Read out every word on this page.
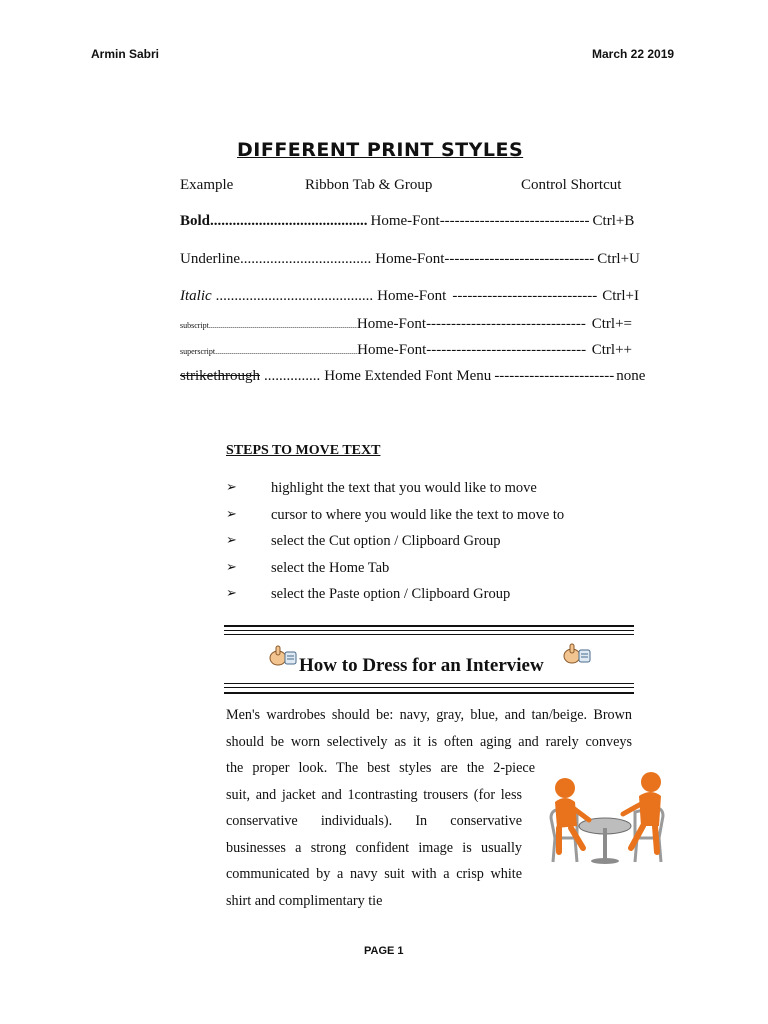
Armin Sabri	March 22 2019
DIFFERENT PRINT STYLES
Example	Ribbon Tab & Group	Control Shortcut
Bold .......................................... Home-Font ------------------------------ Ctrl+B
Underline ................................... Home-Font ------------------------------ Ctrl+U
Italic .......................................... Home-Font ----------------------------- Ctrl+I
subscript .......................................................................... Home-Font -------------------------------- Ctrl+=
superscript ....................................................................... Home-Font -------------------------------- Ctrl++
strikethrough ............... Home Extended Font Menu ------------------------ none
STEPS TO MOVE TEXT
➢ highlight the text that you would like to move
➢ cursor to where you would like the text to move to
➢ select the Cut option / Clipboard Group
➢ select the Home Tab
➢ select the Paste option / Clipboard Group
How to Dress for an Interview
Men's wardrobes should be: navy, gray, blue, and tan/beige. Brown
should be worn selectively as it is often aging and rarely conveys
the proper look. The best styles are the 2-piece
suit, and jacket and 1contrasting trousers (for less
conservative individuals). In conservative
businesses a strong confident image is usually
communicated by a navy suit with a crisp white
shirt and complimentary tie
PAGE 1
